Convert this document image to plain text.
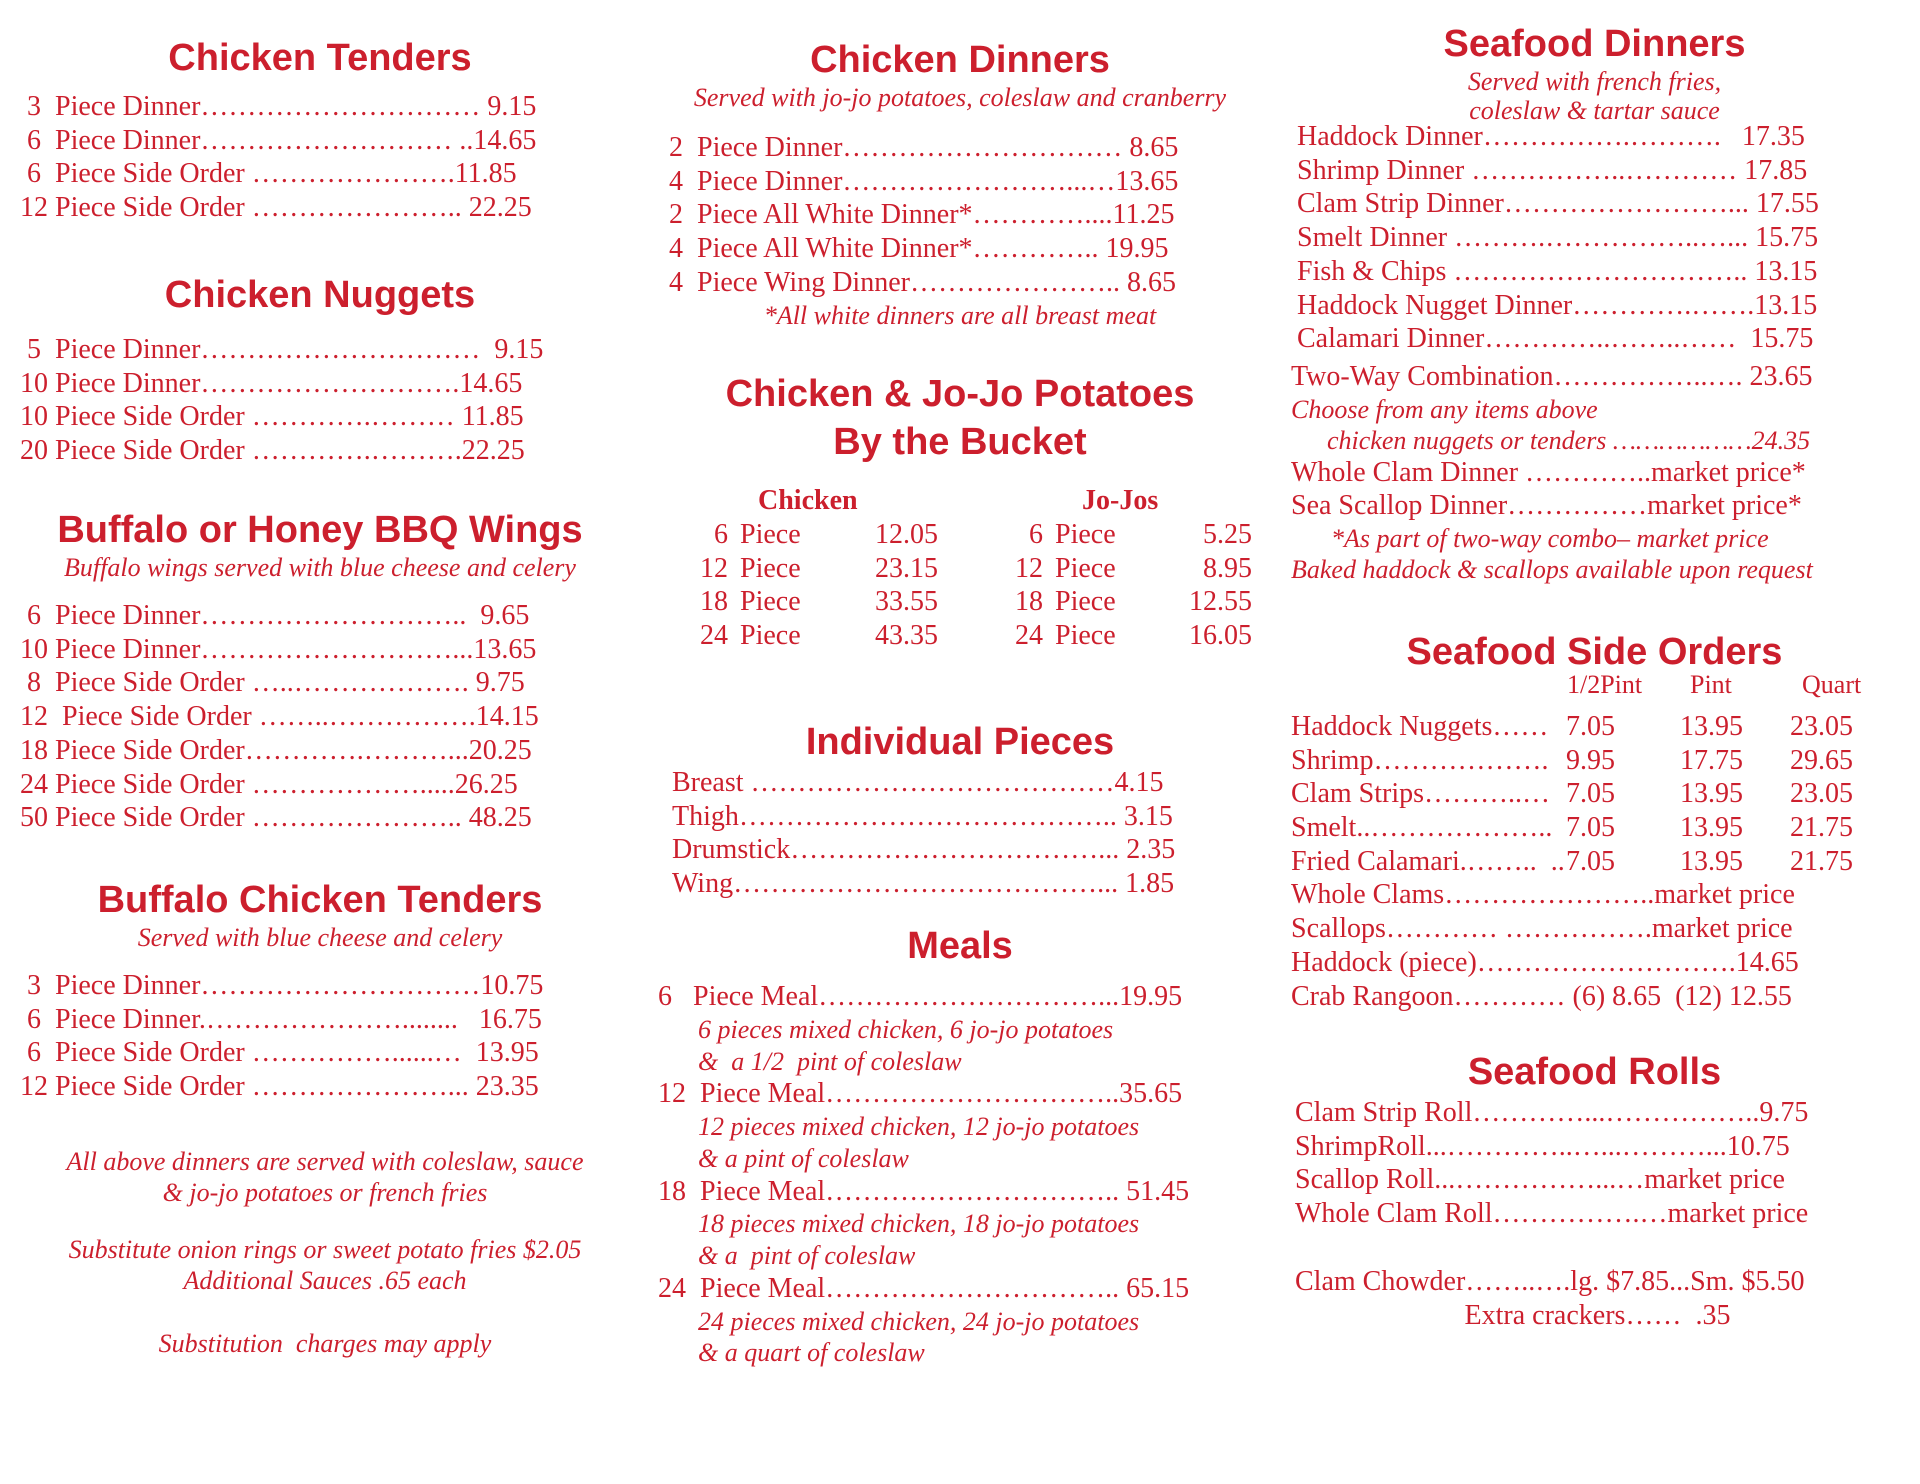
Chicken Tenders
3  Piece Dinner………………………… 9.15
6  Piece Dinner……………………… ..14.65
6  Piece Side Order ………………….11.85
12 Piece Side Order ………………….. 22.25
Chicken Nuggets
5  Piece Dinner…………………………  9.15
10 Piece Dinner……………………….14.65
10 Piece Side Order ………….……… 11.85
20 Piece Side Order ………….……….22.25
Buffalo or Honey BBQ Wings
Buffalo wings served with blue cheese and celery
6  Piece Dinner………………………..  9.65
10 Piece Dinner………………………...13.65
8  Piece Side Order …..………………. 9.75
12  Piece Side Order ……..…………….14.15
18 Piece Side Order………….………...20.25
24 Piece Side Order ……………….....26.25
50 Piece Side Order ………………….. 48.25
Buffalo Chicken Tenders
Served with blue cheese and celery
3  Piece Dinner…………………………10.75
6  Piece Dinner.…………………........   16.75
6  Piece Side Order ……………......…  13.95
12 Piece Side Order …………………... 23.35
All above dinners are served with coleslaw, sauce
& jo-jo potatoes or french fries
Substitute onion rings or sweet potato fries $2.05
Additional Sauces .65 each
Substitution  charges may apply
Chicken Dinners
Served with jo-jo potatoes, coleslaw and cranberry
2  Piece Dinner………………………… 8.65
4  Piece Dinner……………………...…13.65
2  Piece All White Dinner*…………....11.25
4  Piece All White Dinner*………….. 19.95
4  Piece Wing Dinner………………….. 8.65
*All white dinners are all breast meat
Chicken & Jo-Jo Potatoes
By the Bucket
Chicken	Jo-Jos
6 Piece	12.05	6 Piece	5.25
12 Piece	23.15	12 Piece	8.95
18 Piece	33.55	18 Piece	12.55
24 Piece	43.35	24 Piece	16.05
Individual Pieces
Breast …………………………………4.15
Thigh………………………………….. 3.15
Drumstick……………………………... 2.35
Wing…………………………………... 1.85
Meals
6   Piece Meal…………………………...19.95
6 pieces mixed chicken, 6 jo-jo potatoes
&  a 1/2  pint of coleslaw
12  Piece Meal…………………………..35.65
12 pieces mixed chicken, 12 jo-jo potatoes
& a pint of coleslaw
18  Piece Meal………………………….. 51.45
18 pieces mixed chicken, 18 jo-jo potatoes
& a  pint of coleslaw
24  Piece Meal………………………….. 65.15
24 pieces mixed chicken, 24 jo-jo potatoes
& a quart of coleslaw
Seafood Dinners
Served with french fries,
coleslaw & tartar sauce
Haddock Dinner…………….……….   17.35
Shrimp Dinner ……………..………… 17.85
Clam Strip Dinner……………………... 17.55
Smelt Dinner ……….……………..…... 15.75
Fish & Chips ………………………….. 13.15
Haddock Nugget Dinner………….…….13.15
Calamari Dinner…………..……..……  15.75
Two-Way Combination……………..…. 23.65
Choose from any items above
chicken nuggets or tenders ………………24.35
Whole Clam Dinner …………..market price*
Sea Scallop Dinner……………market price*
*As part of two-way combo– market price
Baked haddock & scallops available upon request
Seafood Side Orders
1/2Pint Pint	Quart
Haddock Nuggets…… 7.05	13.95	23.05
Shrimp………………. 9.95	17.75	29.65
Clam Strips………..… 7.05	13.95	23.05
Smelt..……………….. 7.05	13.95	21.75
Fried Calamari.……..  .. 7.05	13.95	21.75
Whole Clams…………………..market price
Scallops………… …………….market price
Haddock (piece)……………………….14.65
Crab Rangoon………… (6) 8.65  (12) 12.55
Seafood Rolls
Clam Strip Roll…………...……………..9.75
ShrimpRoll...…………..…...………...10.75
Scallop Roll...……………...…market price
Whole Clam Roll…………….…market price
Clam Chowder……..….lg. $7.85...Sm. $5.50
Extra crackers……  .35
